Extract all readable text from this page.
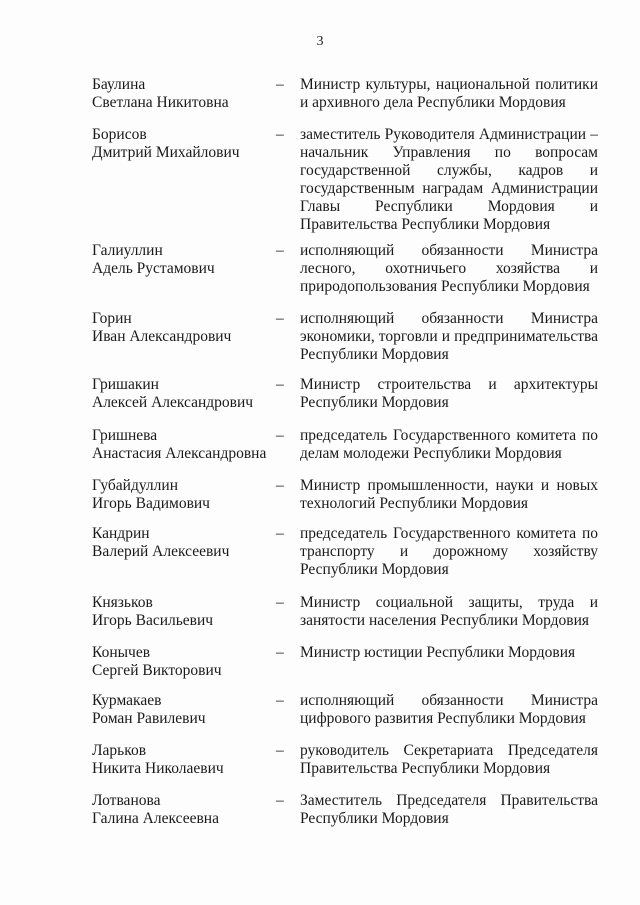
3
Баулина
Светлана Никитовна
– Министр культуры, национальной политики и архивного дела Республики Мордовия
Борисов
Дмитрий Михайлович
– заместитель Руководителя Администрации – начальник Управления по вопросам государственной службы, кадров и государственным наградам Администрации Главы Республики Мордовия и Правительства Республики Мордовия
Галиуллин
Адель Рустамович
– исполняющий обязанности Министра лесного, охотничьего хозяйства и природопользования Республики Мордовия
Горин
Иван Александрович
– исполняющий обязанности Министра экономики, торговли и предпринимательства Республики Мордовия
Гришакин
Алексей Александрович
– Министр строительства и архитектуры Республики Мордовия
Гришнева
Анастасия Александровна
– председатель Государственного комитета по делам молодежи Республики Мордовия
Губайдуллин
Игорь Вадимович
– Министр промышленности, науки и новых технологий Республики Мордовия
Кандрин
Валерий Алексеевич
– председатель Государственного комитета по транспорту и дорожному хозяйству Республики Мордовия
Князьков
Игорь Васильевич
– Министр социальной защиты, труда и занятости населения Республики Мордовия
Конычев
Сергей Викторович
– Министр юстиции Республики Мордовия
Курмакаев
Роман Равилевич
– исполняющий обязанности Министра цифрового развития Республики Мордовия
Ларьков
Никита Николаевич
– руководитель Секретариата Председателя Правительства Республики Мордовия
Лотванова
Галина Алексеевна
– Заместитель Председателя Правительства Республики Мордовия
